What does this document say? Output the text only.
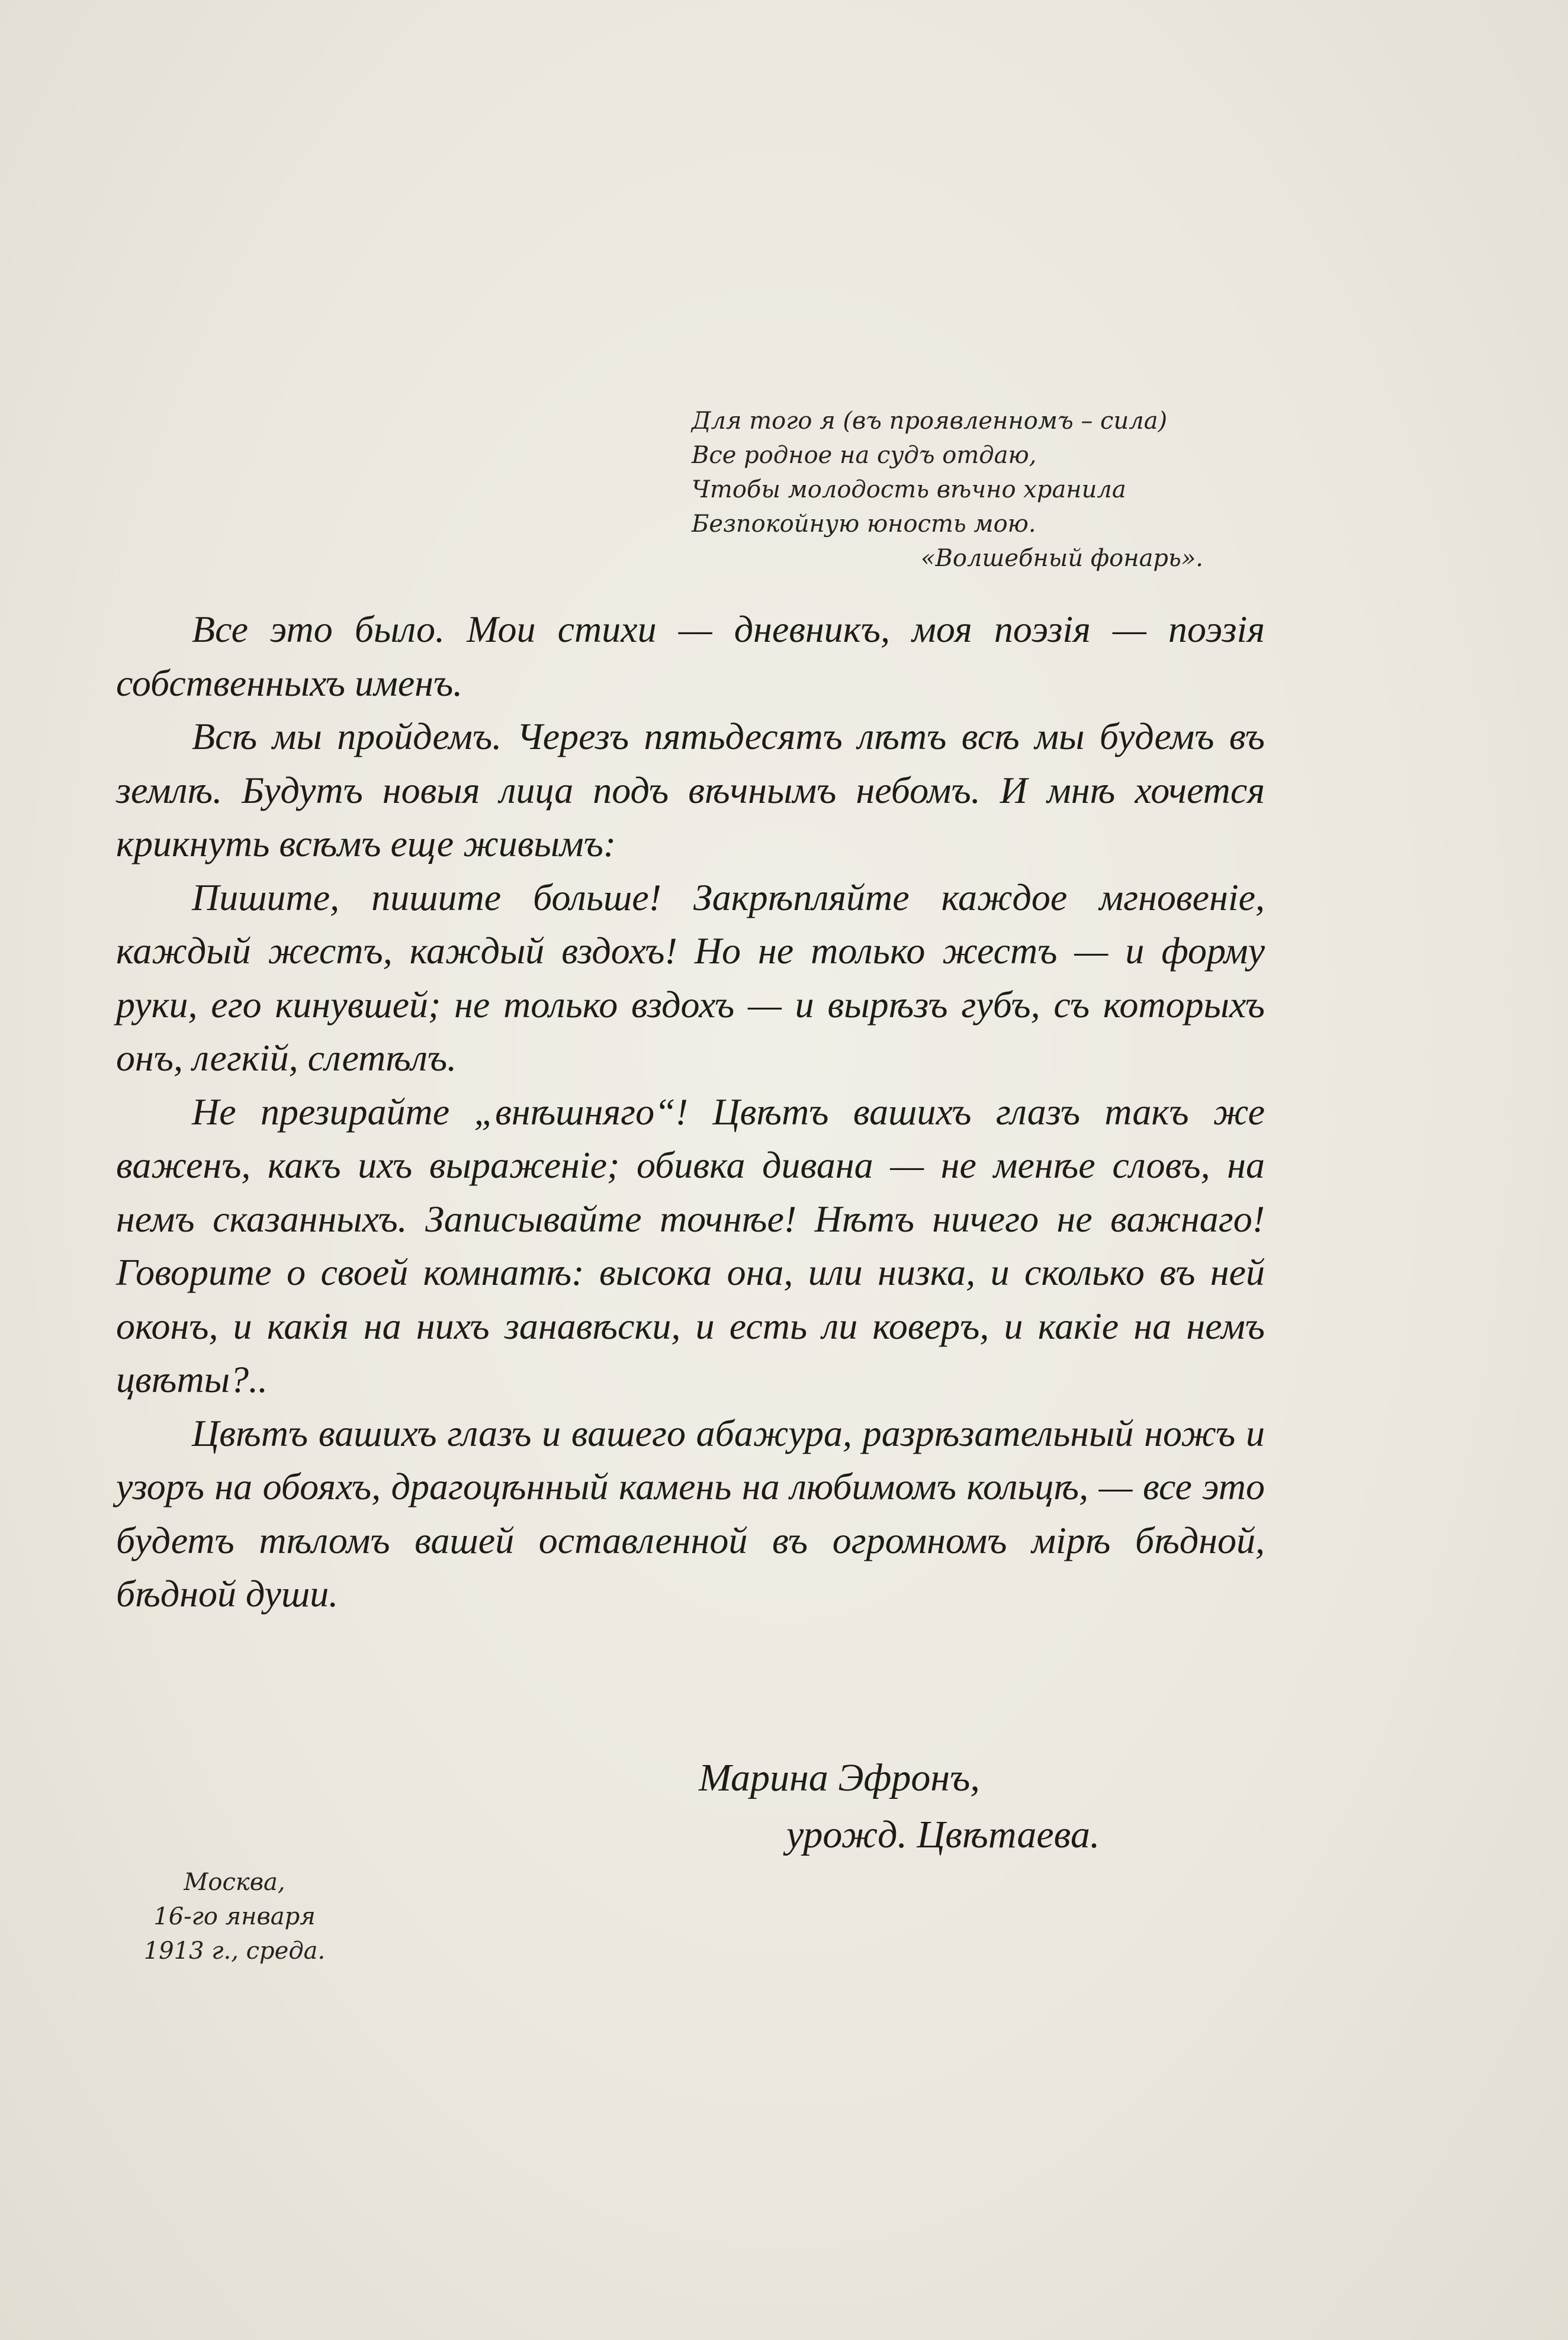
Для того я (въ проявленномъ – сила)
Все родное на судъ отдаю,
Чтобы молодость вѣчно хранила
Безпокойную юность мою.
«Волшебный фонарь».

Все это было. Мои стихи — дневникъ, моя поэзія — поэзія собственныхъ именъ.

Всѣ мы пройдемъ. Черезъ пятьдесятъ лѣтъ всѣ мы будемъ въ землѣ. Будутъ новыя лица подъ вѣчнымъ небомъ. И мнѣ хочется крикнуть всѣмъ еще живымъ:

Пишите, пишите больше! Закрѣпляйте каждое мгновеніе, каждый жестъ, каждый вздохъ! Но не только жестъ — и форму руки, его кинувшей; не только вздохъ — и вырѣзъ губъ, съ которыхъ онъ, легкій, слетѣлъ.

Не презирайте „внѣшняго“! Цвѣтъ вашихъ глазъ такъ же важенъ, какъ ихъ выраженіе; обивка дивана — не менѣе словъ, на немъ сказанныхъ. Записывайте точнѣе! Нѣтъ ничего не важнаго! Говорите о своей комнатѣ: высока она, или низка, и сколько въ ней оконъ, и какія на нихъ занавѣски, и есть ли коверъ, и какіе на немъ цвѣты?..

Цвѣтъ вашихъ глазъ и вашего абажура, разрѣзательный ножъ и узоръ на обояхъ, драгоцѣнный камень на любимомъ кольцѣ, — все это будетъ тѣломъ вашей оставленной въ огромномъ мірѣ бѣдной, бѣдной души.

Марина Эфронъ,
урожд. Цвѣтаева.
Москва,
16-го января
1913 г., среда.
